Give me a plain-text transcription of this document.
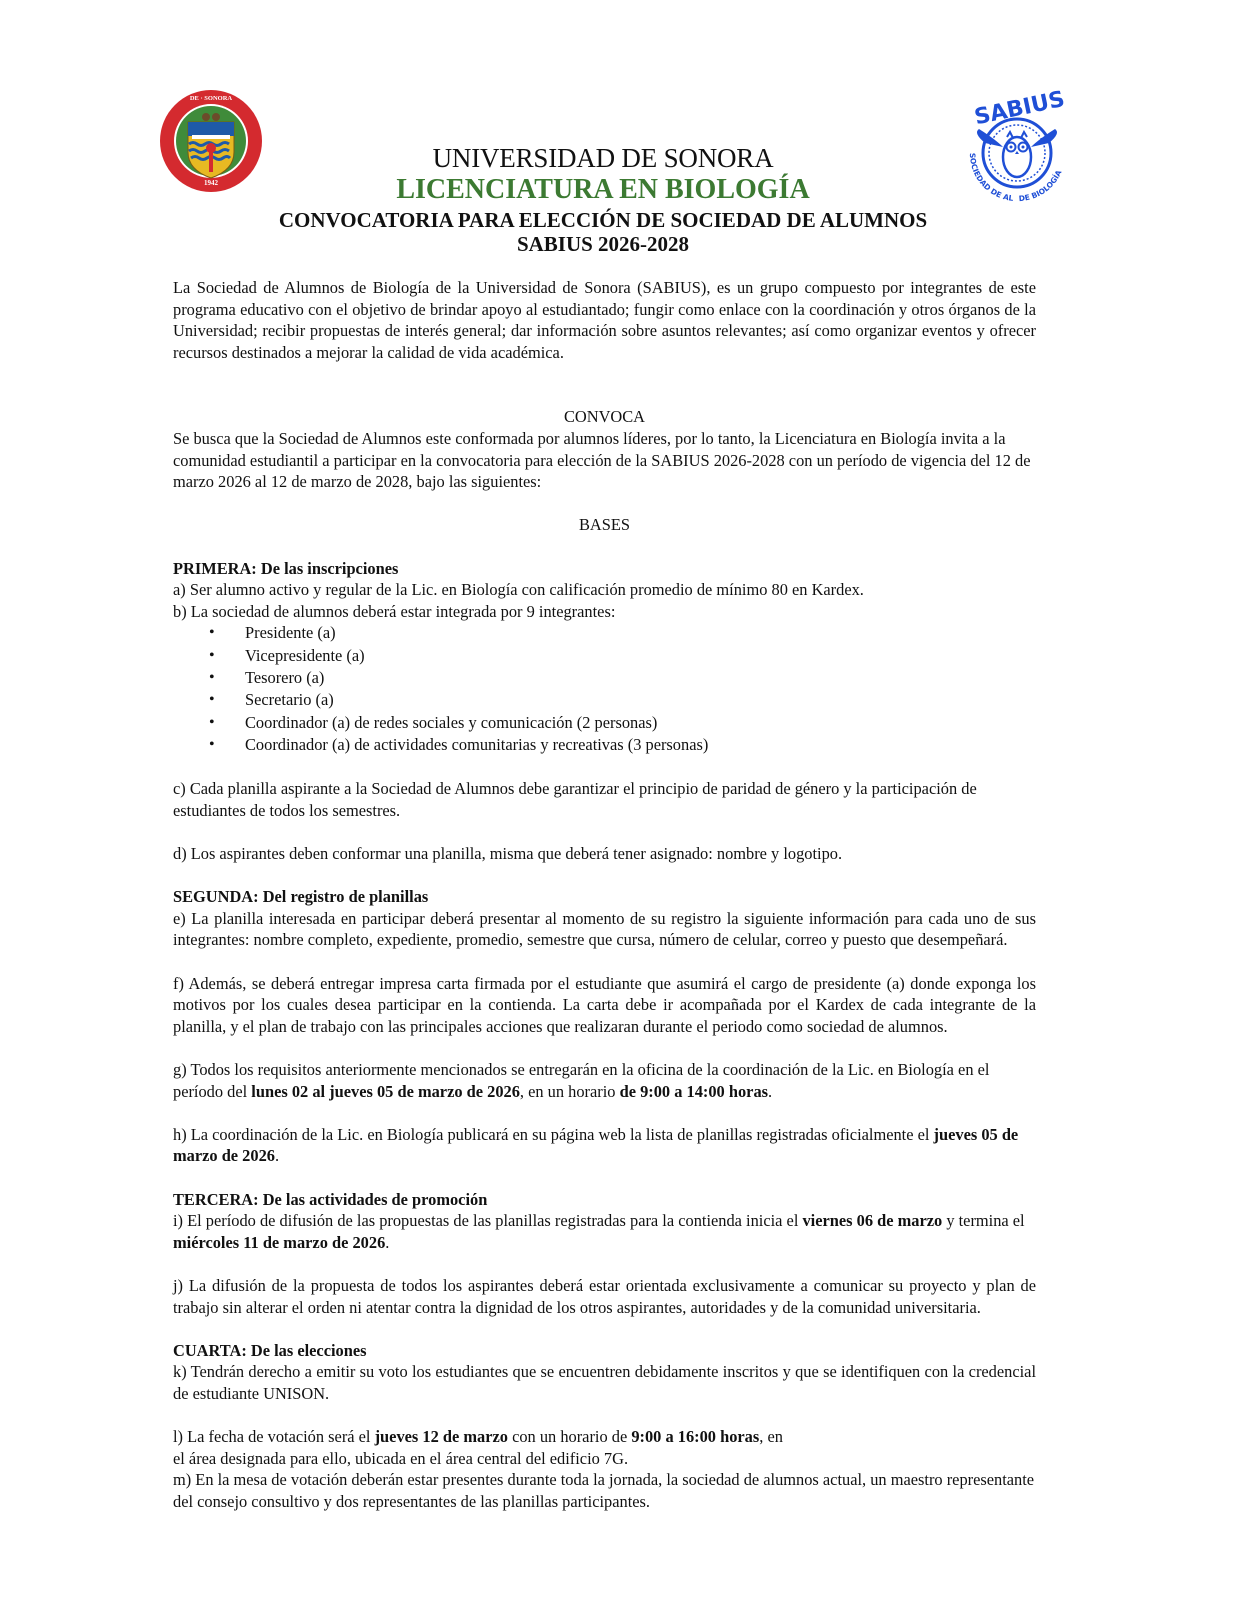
1942
DE · SONORA	SABIUS
SOCIEDAD DE AL DE BIOLOGÍA
UNIVERSIDAD DE SONORA
LICENCIATURA EN BIOLOGÍA
CONVOCATORIA PARA ELECCIÓN DE SOCIEDAD DE ALUMNOS
SABIUS 2026-2028

La Sociedad de Alumnos de Biología de la Universidad de Sonora (SABIUS), es un grupo compuesto por integrantes de este programa educativo con el objetivo de brindar apoyo al estudiantado; fungir como enlace con la coordinación y otros órganos de la Universidad; recibir propuestas de interés general; dar información sobre asuntos relevantes; así como organizar eventos y ofrecer recursos destinados a mejorar la calidad de vida académica.

CONVOCA

Se busca que la Sociedad de Alumnos este conformada por alumnos líderes, por lo tanto, la Licenciatura en Biología invita a la comunidad estudiantil a participar en la convocatoria para elección de la SABIUS 2026-2028 con un período de vigencia del 12 de marzo 2026 al 12 de marzo de 2028, bajo las siguientes:

BASES

PRIMERA: De las inscripciones

a) Ser alumno activo y regular de la Lic. en Biología con calificación promedio de mínimo 80 en Kardex.

b) La sociedad de alumnos deberá estar integrada por 9 integrantes:

• Presidente (a)
• Vicepresidente (a)
• Tesorero (a)
• Secretario (a)
• Coordinador (a) de redes sociales y comunicación (2 personas)
• Coordinador (a) de actividades comunitarias y recreativas (3 personas)

c) Cada planilla aspirante a la Sociedad de Alumnos debe garantizar el principio de paridad de género y la participación de estudiantes de todos los semestres.

d) Los aspirantes deben conformar una planilla, misma que deberá tener asignado: nombre y logotipo.

SEGUNDA: Del registro de planillas

e) La planilla interesada en participar deberá presentar al momento de su registro la siguiente información para cada uno de sus integrantes: nombre completo, expediente, promedio, semestre que cursa, número de celular, correo y puesto que desempeñará.

f) Además, se deberá entregar impresa carta firmada por el estudiante que asumirá el cargo de presidente (a) donde exponga los motivos por los cuales desea participar en la contienda. La carta debe ir acompañada por el Kardex de cada integrante de la planilla, y el plan de trabajo con las principales acciones que realizaran durante el periodo como sociedad de alumnos.

g) Todos los requisitos anteriormente mencionados se entregarán en la oficina de la coordinación de la Lic. en Biología en el período del lunes 02 al jueves 05 de marzo de 2026, en un horario de 9:00 a 14:00 horas.

h) La coordinación de la Lic. en Biología publicará en su página web la lista de planillas registradas oficialmente el jueves 05 de marzo de 2026.

TERCERA: De las actividades de promoción

i) El período de difusión de las propuestas de las planillas registradas para la contienda inicia el viernes 06 de marzo y termina el miércoles 11 de marzo de 2026.

j) La difusión de la propuesta de todos los aspirantes deberá estar orientada exclusivamente a comunicar su proyecto y plan de trabajo sin alterar el orden ni atentar contra la dignidad de los otros aspirantes, autoridades y de la comunidad universitaria.

CUARTA: De las elecciones

k) Tendrán derecho a emitir su voto los estudiantes que se encuentren debidamente inscritos y que se identifiquen con la credencial de estudiante UNISON.

l) La fecha de votación será el jueves 12 de marzo con un horario de 9:00 a 16:00 horas, en

el área designada para ello, ubicada en el área central del edificio 7G.

m) En la mesa de votación deberán estar presentes durante toda la jornada, la sociedad de alumnos actual, un maestro representante del consejo consultivo y dos representantes de las planillas participantes.
